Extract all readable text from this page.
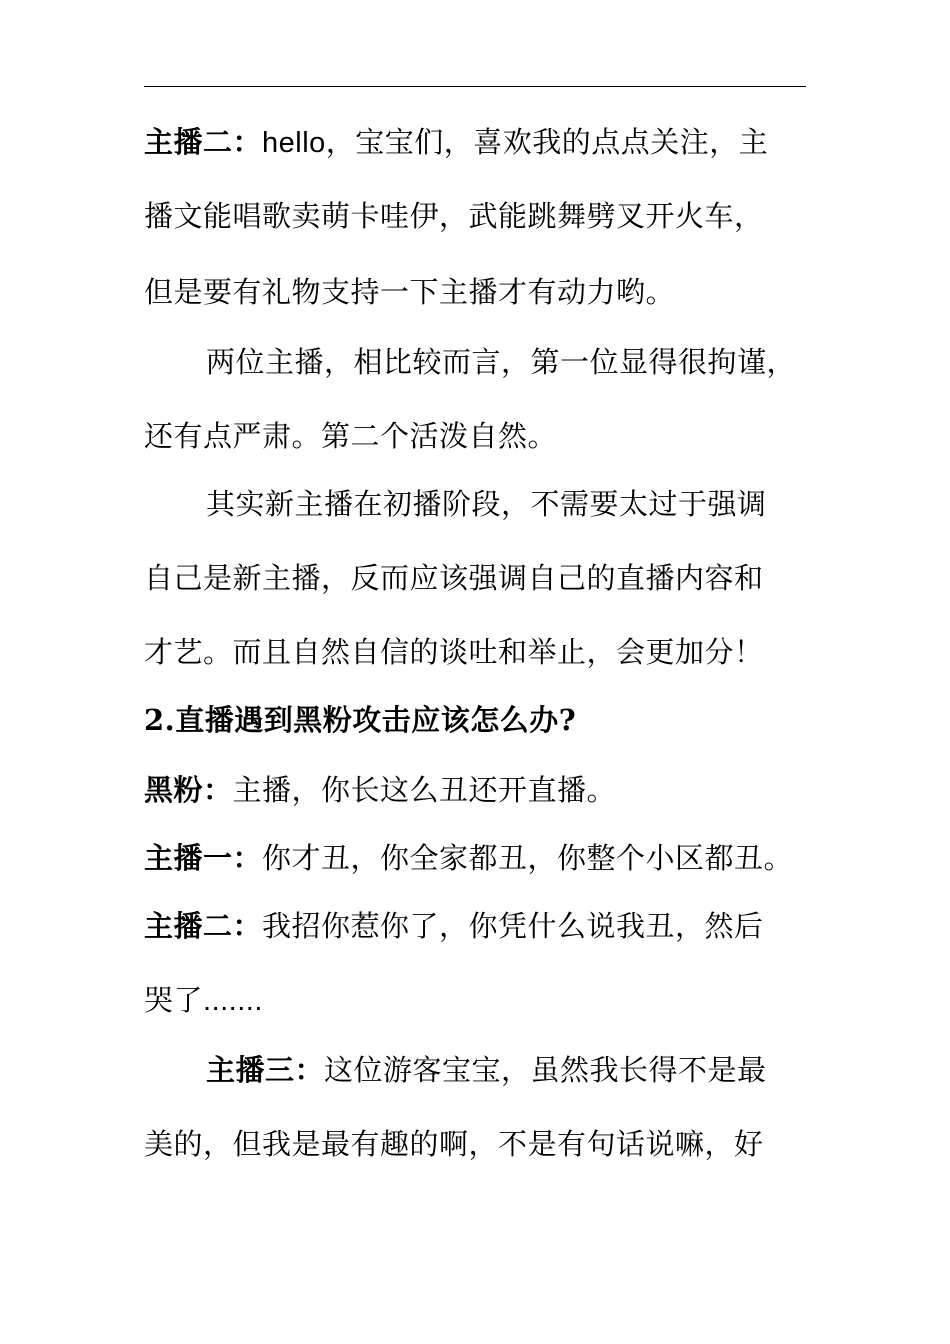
主播二：hello，宝宝们，喜欢我的点点关注，主
播文能唱歌卖萌卡哇伊，武能跳舞劈叉开火车，
但是要有礼物支持一下主播才有动力哟。
两位主播，相比较而言，第一位显得很拘谨，
还有点严肃。第二个活泼自然。
其实新主播在初播阶段，不需要太过于强调
自己是新主播，反而应该强调自己的直播内容和
才艺。而且自然自信的谈吐和举止，会更加分！
2.直播遇到黑粉攻击应该怎么办?
黑粉：主播，你长这么丑还开直播。
主播一：你才丑，你全家都丑，你整个小区都丑。
主播二：我招你惹你了，你凭什么说我丑，然后
哭了.......
主播三：这位游客宝宝，虽然我长得不是最
美的，但我是最有趣的啊，不是有句话说嘛，好
